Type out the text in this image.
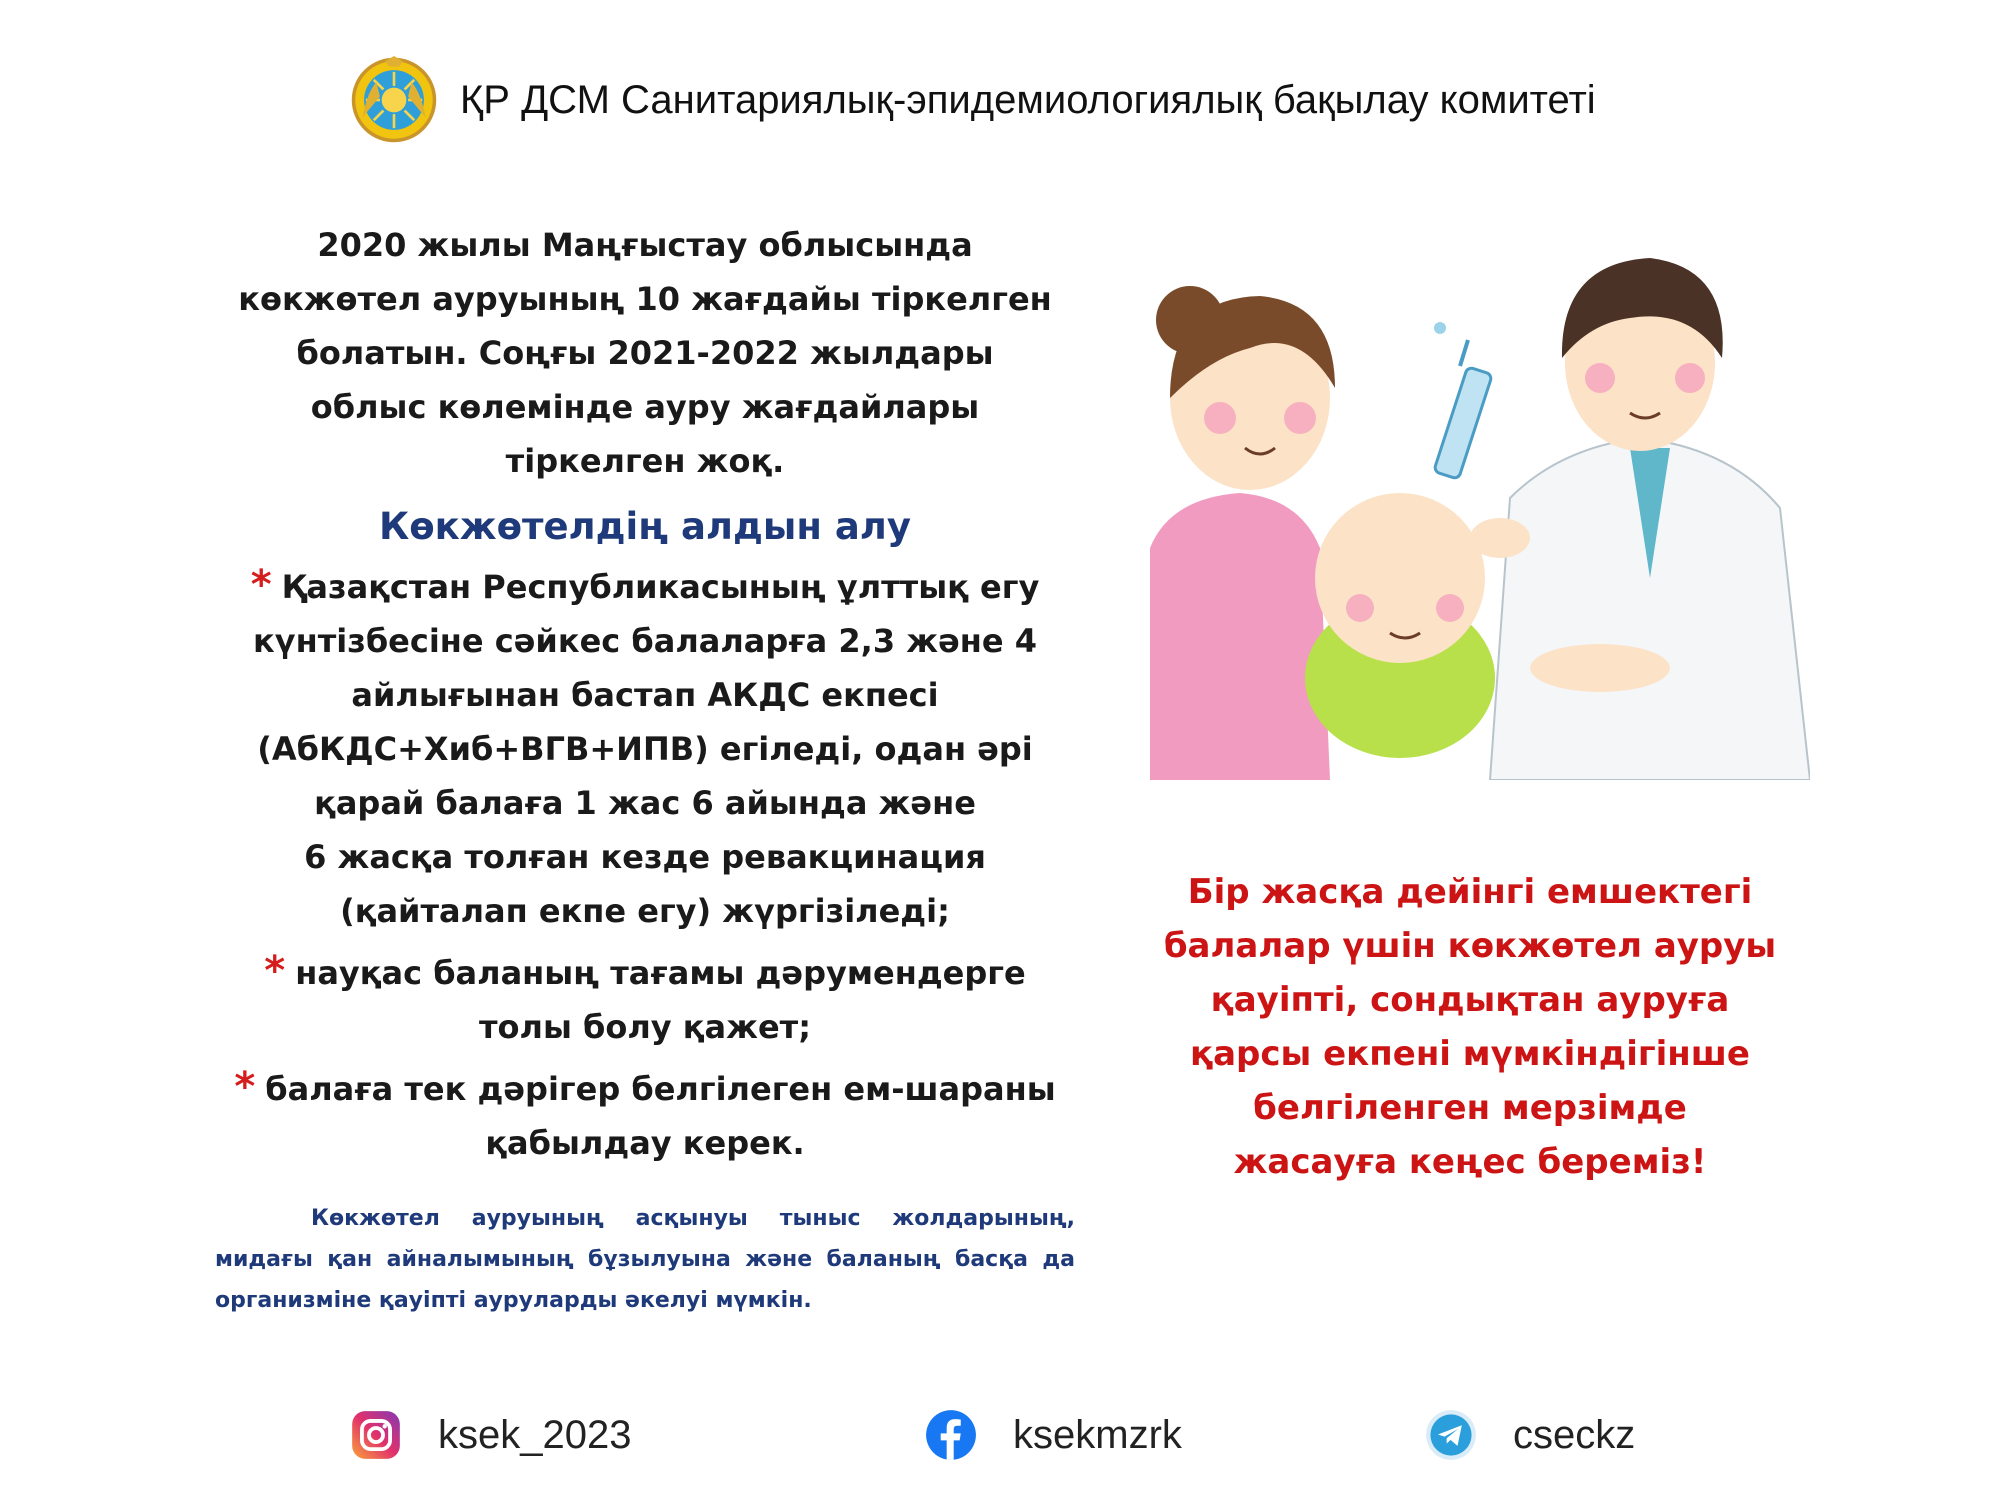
ҚР ДСМ Санитариялық-эпидемиологиялық бақылау комитеті

2020 жылы Маңғыстау облысында
көкжөтел ауруының 10 жағдайы тіркелген
болатын. Соңғы 2021-2022 жылдары
облыс көлемінде ауру жағдайлары
тіркелген жоқ.

Көкжөтелдің алдын алу

* Қазақстан Республикасының ұлттық егу
күнтізбесіне сәйкес балаларға 2,3 және 4
айлығынан бастап АКДС екпесі
(АбКДС+Хиб+ВГВ+ИПВ) егіледі, одан әрі
қарай балаға 1 жас 6 айында және
6 жасқа толған кезде ревакцинация
(қайталап екпе егу) жүргізіледі;

* науқас баланың тағамы дәрумендерге
толы болу қажет;

* балаға тек дәрігер белгілеген ем-шараны
қабылдау керек.

Көкжөтел ауруының асқынуы тыныс жолдарының, мидағы қан айналымының бұзылуына және баланың басқа да организміне қауіпті ауруларды әкелуі мүмкін.

Бір жасқа дейінгі емшектегі
балалар үшін көкжөтел ауруы
қауіпті, сондықтан ауруға
қарсы екпені мүмкіндігінше
белгіленген мерзімде
жасауға кеңес береміз!
ksek_2023	ksekmzrk	cseckz
